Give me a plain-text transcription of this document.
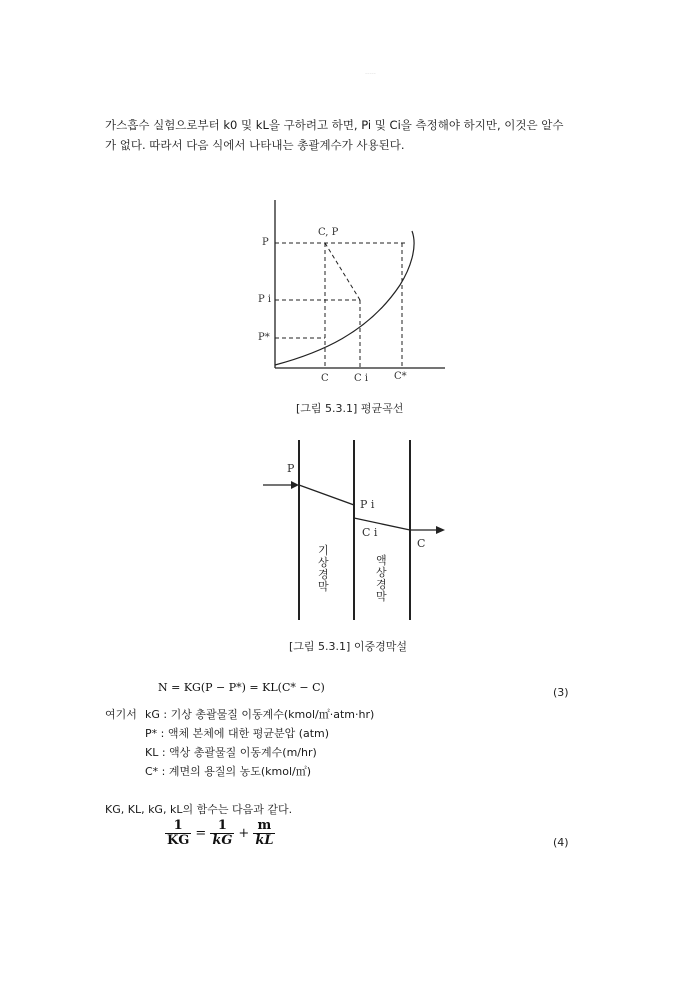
-----

가스흡수 실험으로부터 k0 및 kL을 구하려고 하면, Pi 및 Ci을 측정해야 하지만, 이것은 알수

가 없다. 따라서 다음 식에서 나타내는 총괄계수가 사용된다.

C, P
P
P i
P*
C	C i	C*
[그림 5.3.1] 평균곡선
P
P i
C i
C
기상경막
액상경막
[그림 5.3.1] 이중경막설
N = KG(P − P*) = KL(C* − C)	(3)
여기서 kG : 기상 총괄물질 이동계수(kmol/㎡·atm·hr)
P* : 액체 본체에 대한 평균분압 (atm)
KL : 액상 총괄물질 이동계수(m/hr)
C* : 계면의 용질의 농도(kmol/㎡)
KG, KL, kG, kL의 함수는 다음과 같다.
$\frac{1}{KG} = \frac{1}{kG} + \frac{m}{kL}$	(4)
